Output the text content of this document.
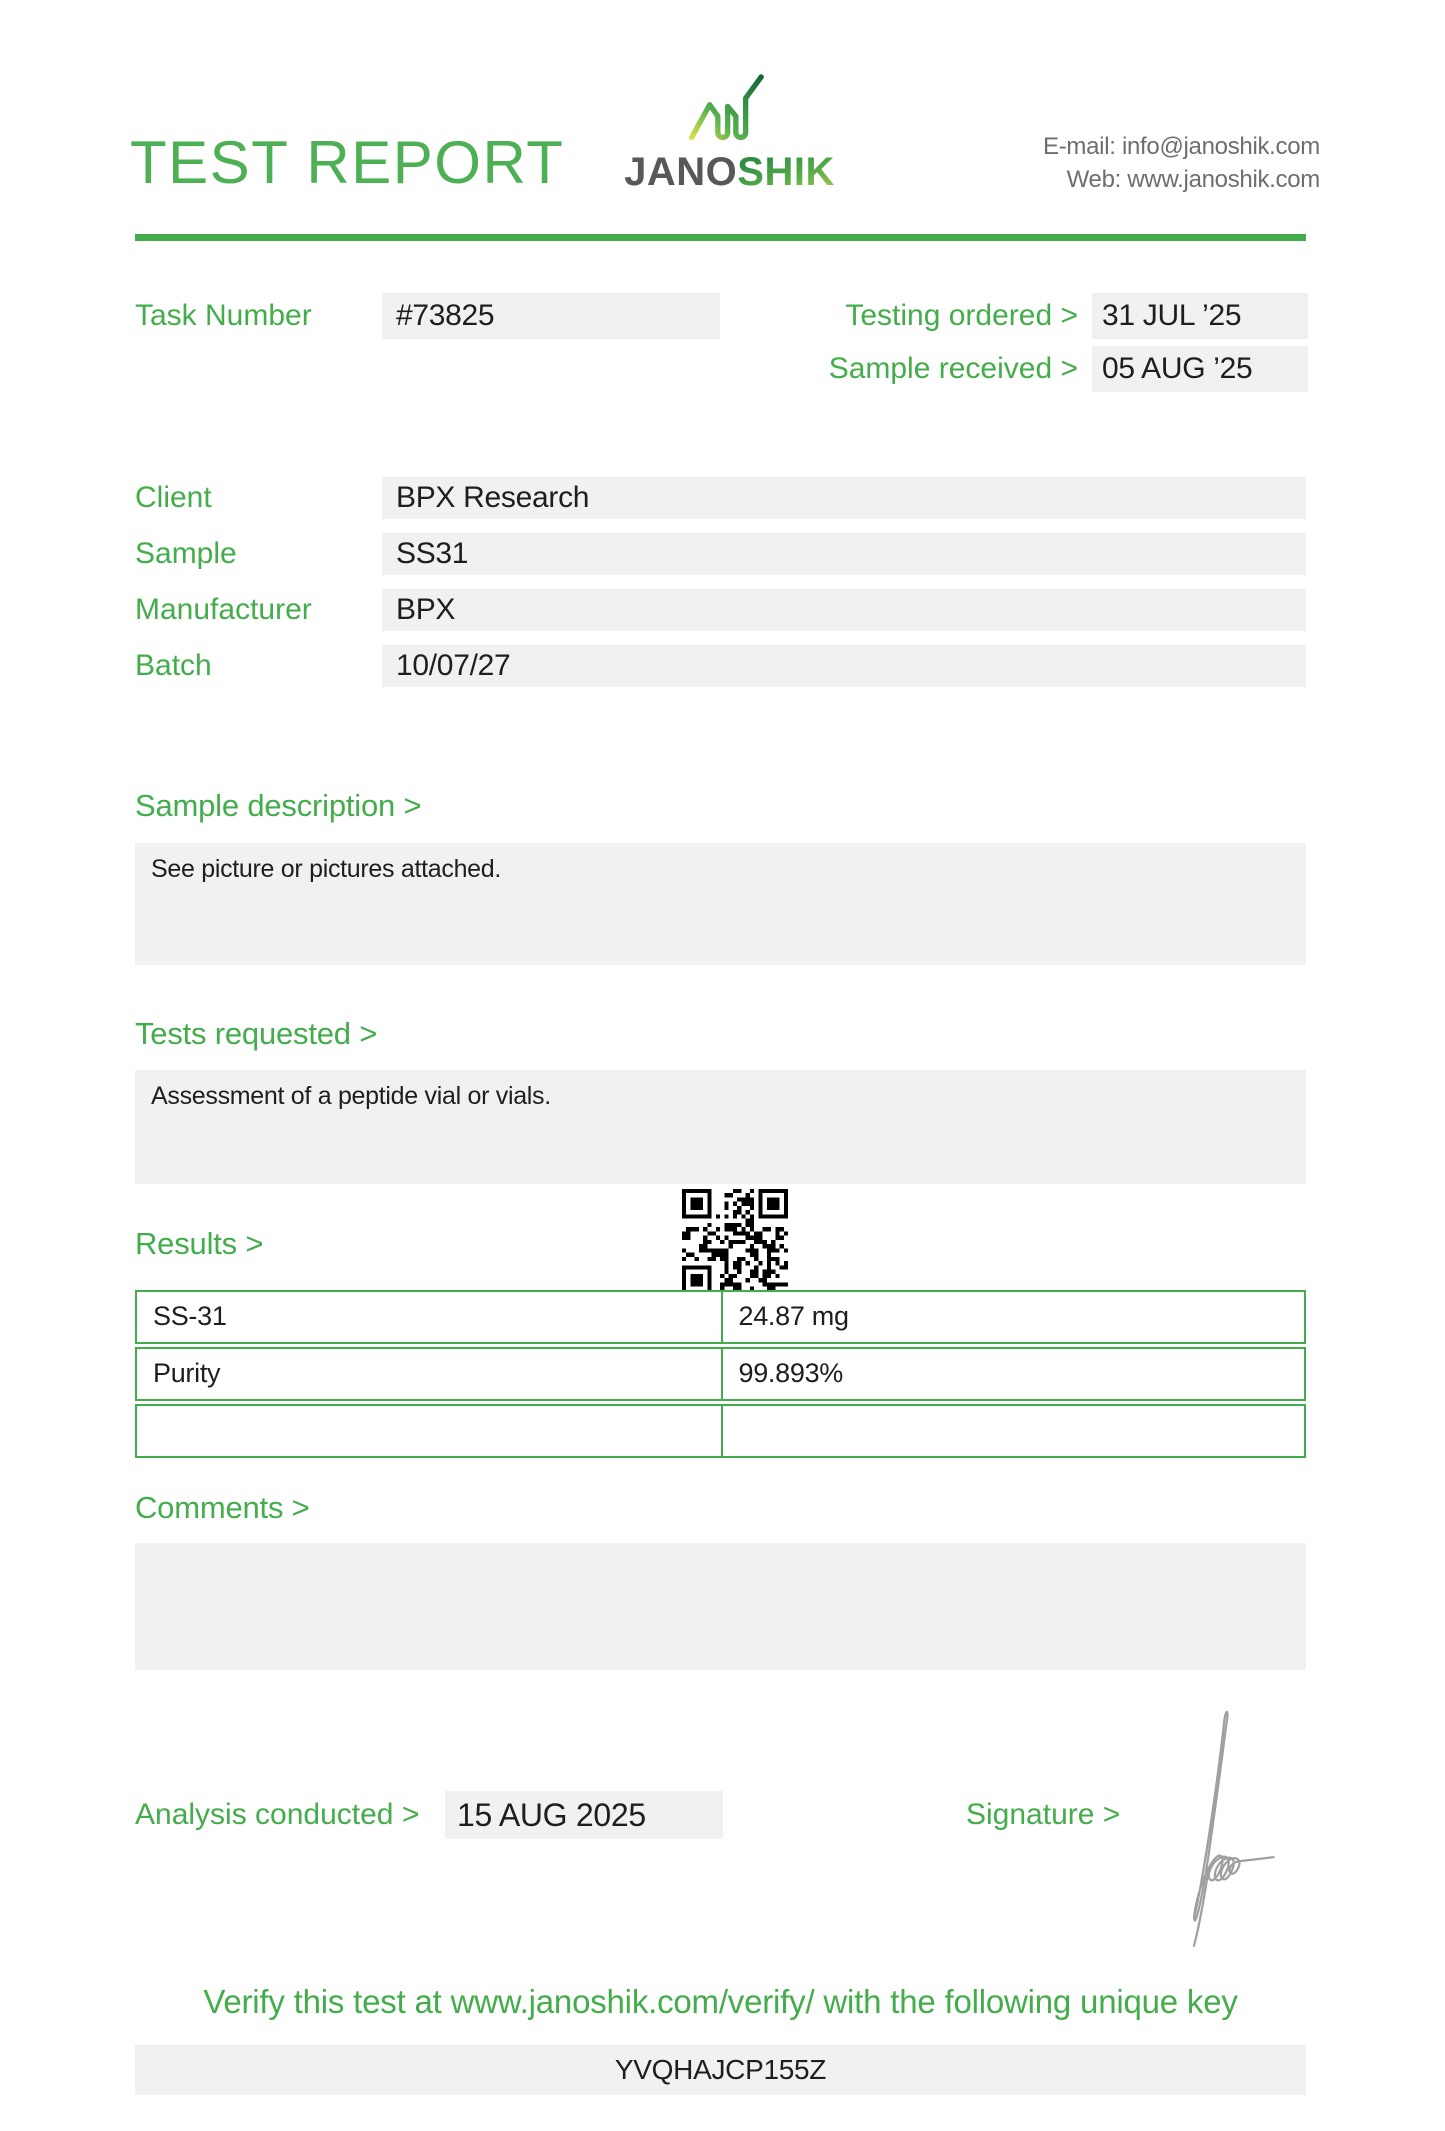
TEST REPORT	JANOSHIK
E-mail: info@janoshik.com
Web: www.janoshik.com
Task Number	#73825	Testing ordered > 31 JUL ’25
Sample received > 05 AUG ’25
Client	BPX Research
Sample	SS31
Manufacturer	BPX
Batch	10/07/27
Sample description >
See picture or pictures attached.
Tests requested >
Assessment of a peptide vial or vials.
Results >
SS-31	24.87 mg
Purity	99.893%
Comments >
Analysis conducted >	15 AUG 2025	Signature >
Verify this test at www.janoshik.com/verify/ with the following unique key
YVQHAJCP155Z
